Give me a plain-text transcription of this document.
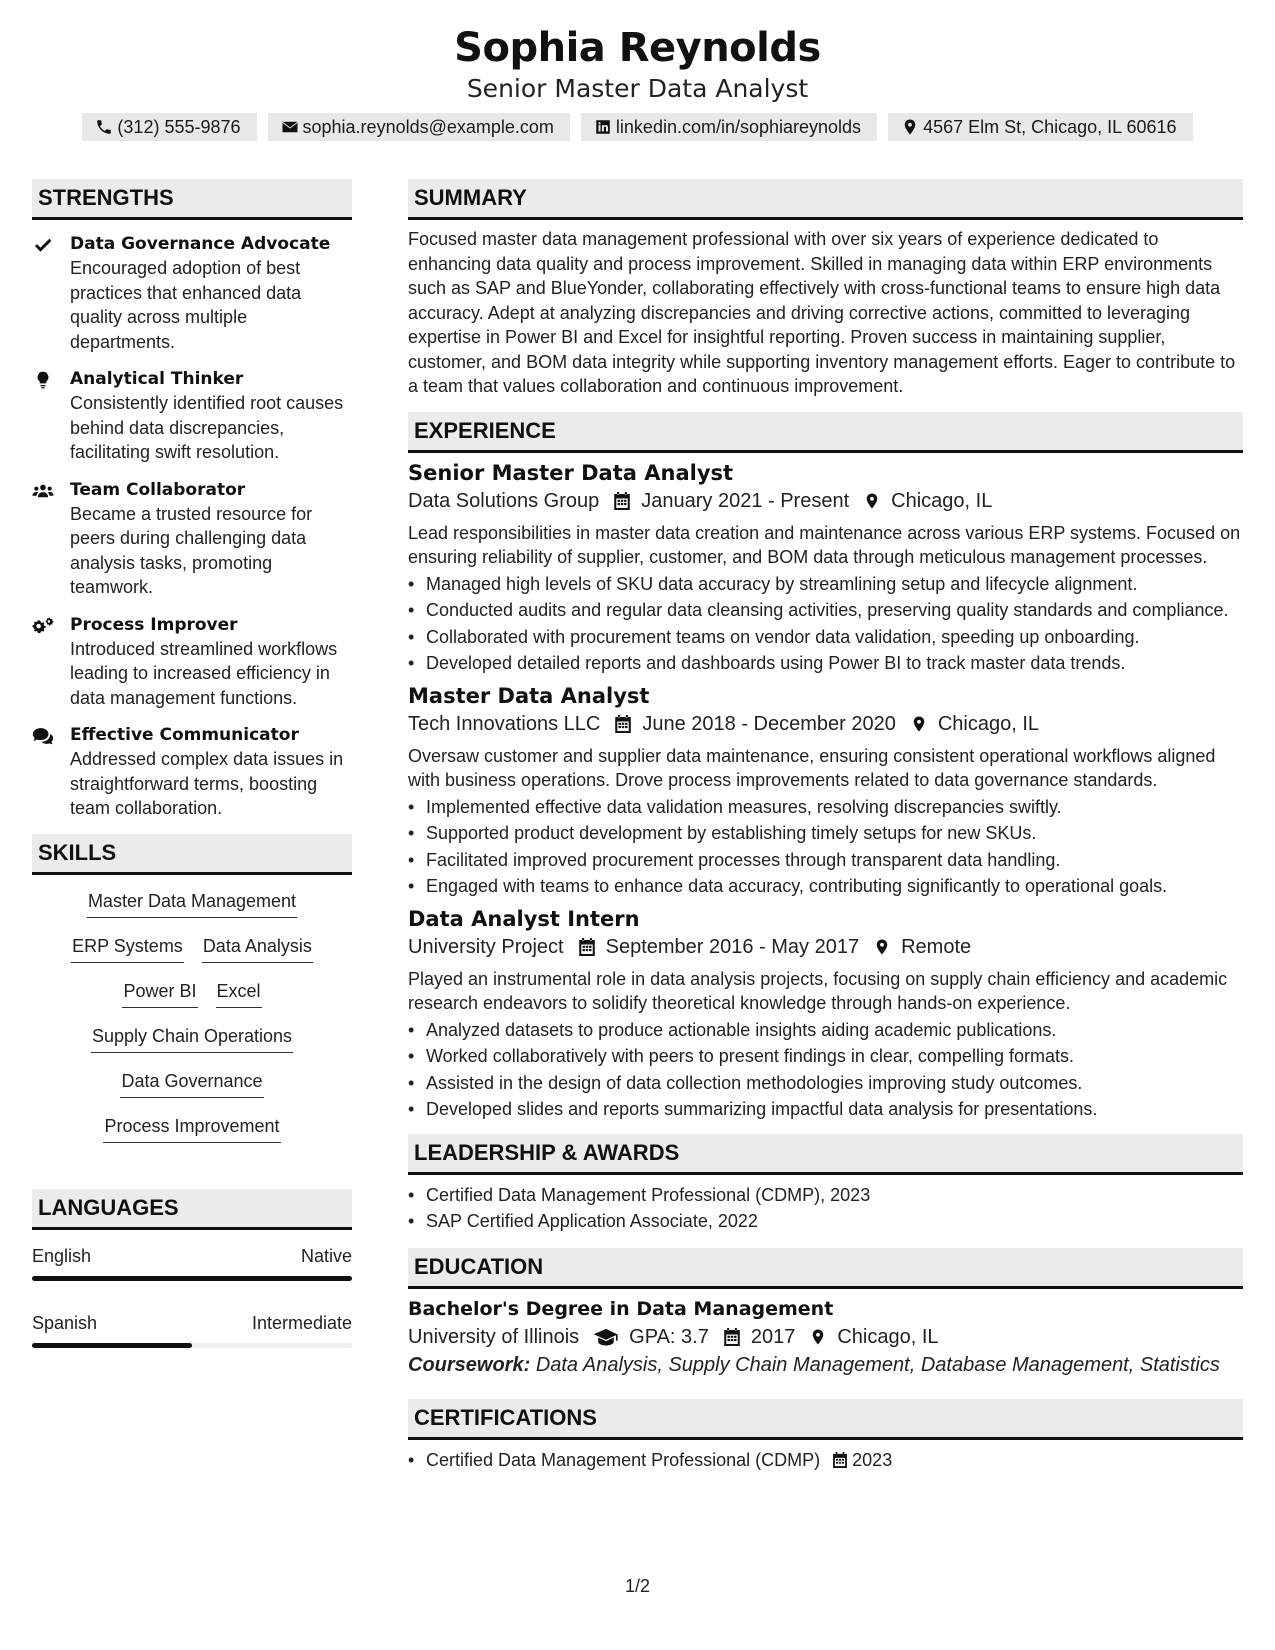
Sophia Reynolds
Senior Master Data Analyst
(312) 555-9876	sophia.reynolds@example.com	linkedin.com/in/sophiareynolds	4567 Elm St, Chicago, IL 60616
STRENGTHS
Data Governance Advocate
Encouraged adoption of best practices that enhanced data quality across multiple departments.
Analytical Thinker
Consistently identified root causes behind data discrepancies, facilitating swift resolution.
Team Collaborator
Became a trusted resource for peers during challenging data analysis tasks, promoting teamwork.
Process Improver
Introduced streamlined workflows leading to increased efficiency in data management functions.
Effective Communicator
Addressed complex data issues in straightforward terms, boosting team collaboration.
SKILLS
Master Data Management
ERP Systems Data Analysis
Power BI Excel
Supply Chain Operations
Data Governance
Process Improvement
LANGUAGES
English	Native
Spanish	Intermediate
SUMMARY
Focused master data management professional with over six years of experience dedicated to enhancing data quality and process improvement. Skilled in managing data within ERP environments such as SAP and BlueYonder, collaborating effectively with cross-functional teams to ensure high data accuracy. Adept at analyzing discrepancies and driving corrective actions, committed to leveraging expertise in Power BI and Excel for insightful reporting. Proven success in maintaining supplier, customer, and BOM data integrity while supporting inventory management efforts. Eager to contribute to a team that values collaboration and continuous improvement.
EXPERIENCE
Senior Master Data Analyst
Data Solutions Group January 2021 - Present Chicago, IL
Lead responsibilities in master data creation and maintenance across various ERP systems. Focused on ensuring reliability of supplier, customer, and BOM data through meticulous management processes.
• Managed high levels of SKU data accuracy by streamlining setup and lifecycle alignment.
• Conducted audits and regular data cleansing activities, preserving quality standards and compliance.
• Collaborated with procurement teams on vendor data validation, speeding up onboarding.
• Developed detailed reports and dashboards using Power BI to track master data trends.
Master Data Analyst
Tech Innovations LLC June 2018 - December 2020 Chicago, IL
Oversaw customer and supplier data maintenance, ensuring consistent operational workflows aligned with business operations. Drove process improvements related to data governance standards.
• Implemented effective data validation measures, resolving discrepancies swiftly.
• Supported product development by establishing timely setups for new SKUs.
• Facilitated improved procurement processes through transparent data handling.
• Engaged with teams to enhance data accuracy, contributing significantly to operational goals.
Data Analyst Intern
University Project September 2016 - May 2017 Remote
Played an instrumental role in data analysis projects, focusing on supply chain efficiency and academic research endeavors to solidify theoretical knowledge through hands-on experience.
• Analyzed datasets to produce actionable insights aiding academic publications.
• Worked collaboratively with peers to present findings in clear, compelling formats.
• Assisted in the design of data collection methodologies improving study outcomes.
• Developed slides and reports summarizing impactful data analysis for presentations.
LEADERSHIP & AWARDS
• Certified Data Management Professional (CDMP), 2023
• SAP Certified Application Associate, 2022
EDUCATION
Bachelor's Degree in Data Management
University of Illinois	GPA: 3.7 2017 Chicago, IL
Coursework: Data Analysis, Supply Chain Management, Database Management, Statistics
CERTIFICATIONS
• Certified Data Management Professional (CDMP) 2023
1/2
